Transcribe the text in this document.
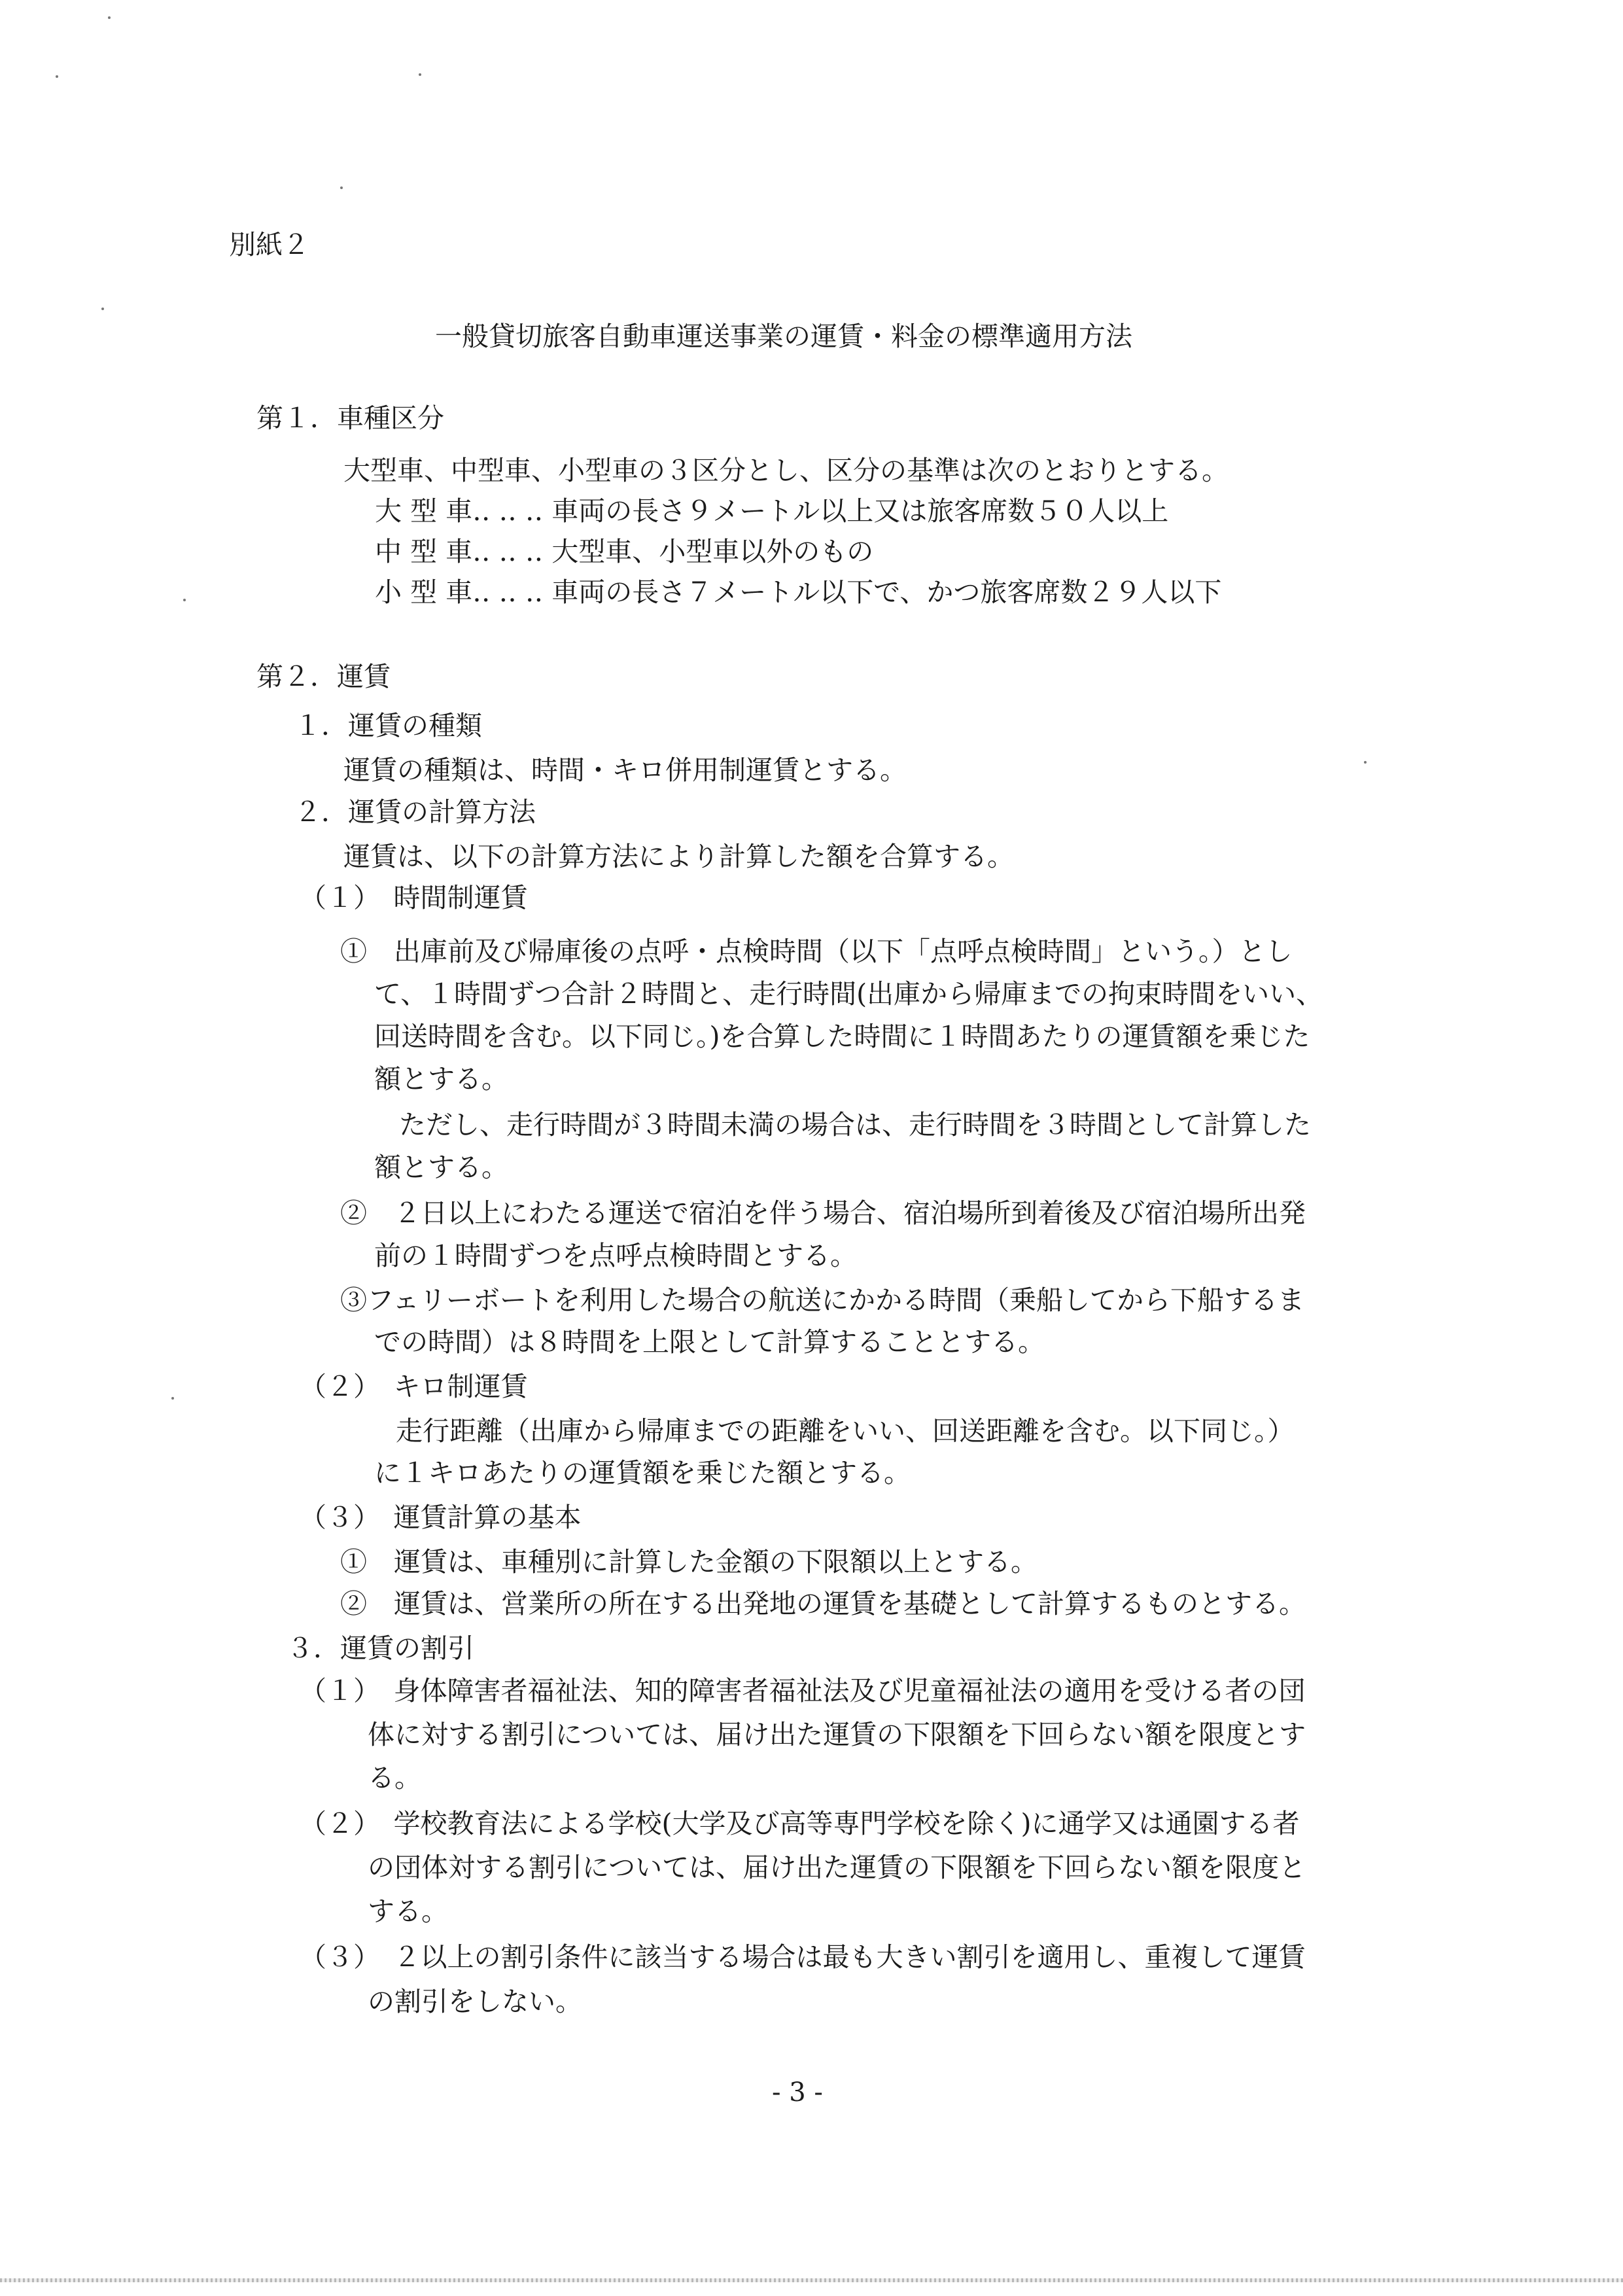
別紙２
一般貸切旅客自動車運送事業の運賃・料金の標準適用方法
第１．車種区分
大型車、中型車、小型車の３区分とし、区分の基準は次のとおりとする。
大 型 車‥ ‥ ‥ 車両の長さ９メートル以上又は旅客席数５０人以上
中 型 車‥ ‥ ‥ 大型車、小型車以外のもの
小 型 車‥ ‥ ‥ 車両の長さ７メートル以下で、かつ旅客席数２９人以下
第２．運賃
１．運賃の種類
運賃の種類は、時間・キロ併用制運賃とする。
２．運賃の計算方法
運賃は、以下の計算方法により計算した額を合算する。
（１）　時間制運賃
①　出庫前及び帰庫後の点呼・点検時間（以下「点呼点検時間」という。）とし
て、１時間ずつ合計２時間と、走行時間(出庫から帰庫までの拘束時間をいい、
回送時間を含む。以下同じ。)を合算した時間に１時間あたりの運賃額を乗じた
額とする。
ただし、走行時間が３時間未満の場合は、走行時間を３時間として計算した
額とする。
②　２日以上にわたる運送で宿泊を伴う場合、宿泊場所到着後及び宿泊場所出発
前の１時間ずつを点呼点検時間とする。
③フェリーボートを利用した場合の航送にかかる時間（乗船してから下船するま
での時間）は８時間を上限として計算することとする。
（２）　キロ制運賃
走行距離（出庫から帰庫までの距離をいい、回送距離を含む。以下同じ。）
に１キロあたりの運賃額を乗じた額とする。
（３）　運賃計算の基本
①　運賃は、車種別に計算した金額の下限額以上とする。
②　運賃は、営業所の所在する出発地の運賃を基礎として計算するものとする。
３．運賃の割引
（１）　身体障害者福祉法、知的障害者福祉法及び児童福祉法の適用を受ける者の団
体に対する割引については、届け出た運賃の下限額を下回らない額を限度とす
る。
（２）　学校教育法による学校(大学及び高等専門学校を除く)に通学又は通園する者
の団体対する割引については、届け出た運賃の下限額を下回らない額を限度と
する。
（３）　２以上の割引条件に該当する場合は最も大きい割引を適用し、重複して運賃
の割引をしない。
- 3 -
